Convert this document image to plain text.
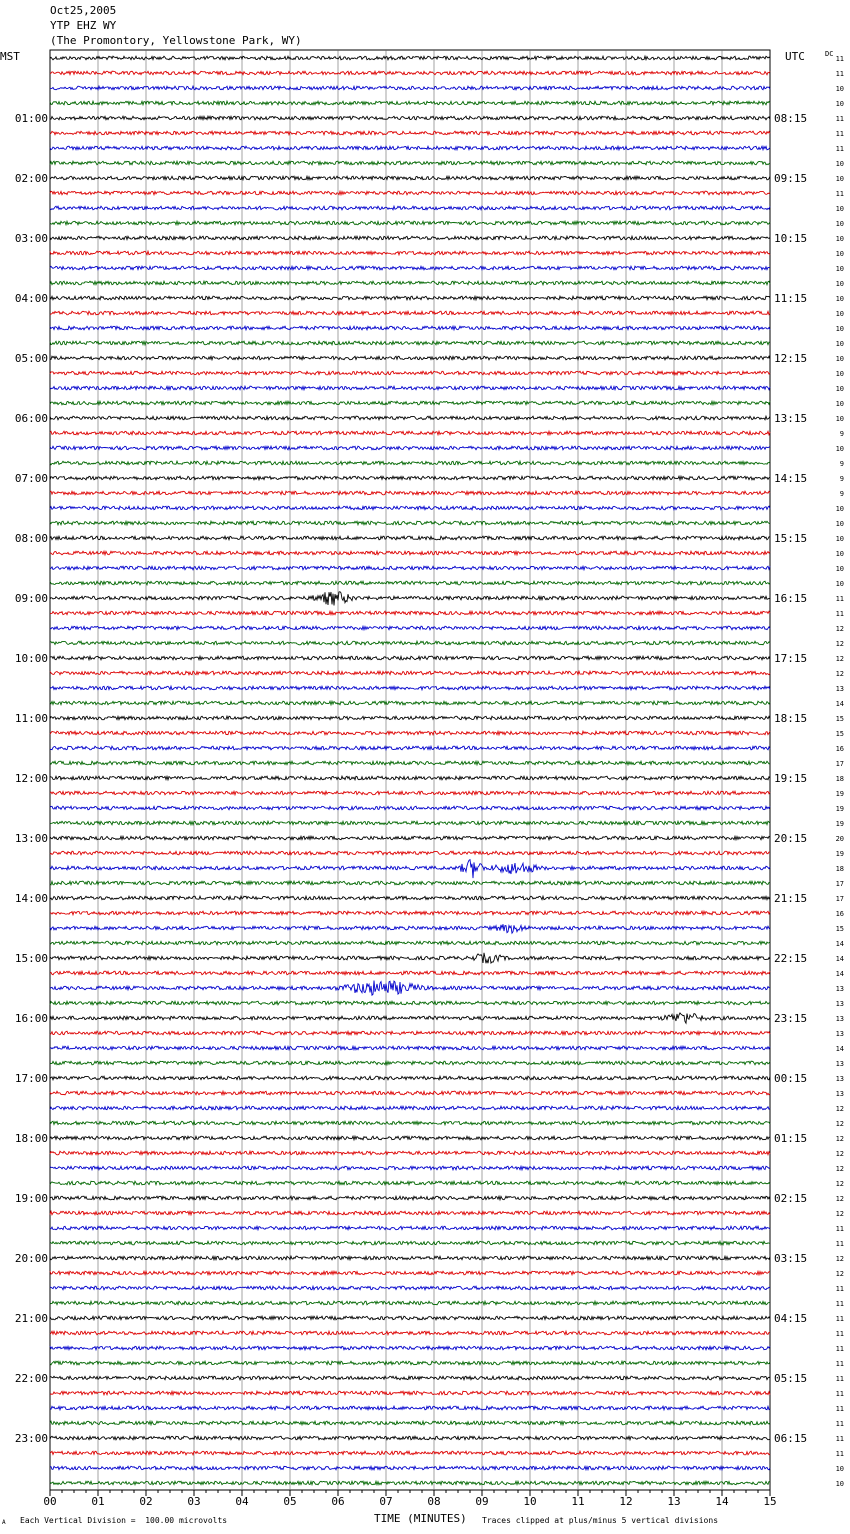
00	01	02	03	04	05	06	07	08	09	10	11	12	13	14	15
11
11
10
10
11
11
11
10
10
11
10
10
10
10
10
10
10
10
10
10
10
10
10
10
10
9
10
9
9
9
10
10
10
10
10
10
11
11
12
12
12
12
13
14
15
15
16
17
18
19
19
19
20
19
18
17
17
16
15
14
14
14
13
13
13
13
14
13
13
13
12
12
12
12
12
12
12
12
11
11
12
12
11
11
11
11
11
11
11
11
11
11
11
11
10
10
01:00	08:15
02:00	09:15
03:00	10:15
04:00	11:15
05:00	12:15
06:00	13:15
07:00	14:15
08:00	15:15
09:00	16:15
10:00	17:15
11:00	18:15
12:00	19:15
13:00	20:15
14:00	21:15
15:00	22:15
16:00	23:15
17:00	00:15
18:00	01:15
19:00	02:15
20:00	03:15
21:00	04:15
22:00	05:15
23:00	06:15
Oct25,2005
YTP EHZ WY
(The Promontory, Yellowstone Park, WY)
MST	UTC	DC
A Each Vertical Division =  100.00 microvolts	TIME (MINUTES) Traces clipped at plus/minus 5 vertical divisions
